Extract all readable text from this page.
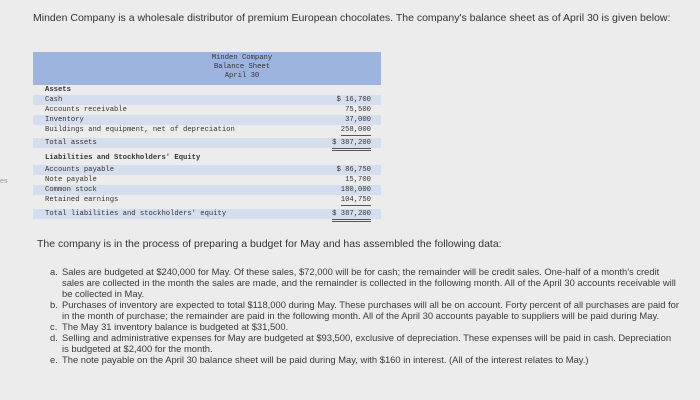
es
Minden Company is a wholesale distributor of premium European chocolates. The company's balance sheet as of April 30 is given below:
Minden Company
Balance Sheet
April 30
Assets
Cash	$ 16,700
Accounts receivable	75,500
Inventory	37,000
Buildings and equipment, net of depreciation	258,000
Total assets	$ 387,200
Liabilities and Stockholders' Equity
Accounts payable	$ 86,750
Note payable	15,700
Common stock	180,000
Retained earnings	104,750
Total liabilities and stockholders' equity	$ 387,200
The company is in the process of preparing a budget for May and has assembled the following data:
a. Sales are budgeted at $240,000 for May. Of these sales, $72,000 will be for cash; the remainder will be credit sales. One-half of a month's credit sales are collected in the month the sales are made, and the remainder is collected in the following month. All of the April 30 accounts receivable will be collected in May.
b. Purchases of inventory are expected to total $118,000 during May. These purchases will all be on account. Forty percent of all purchases are paid for in the month of purchase; the remainder are paid in the following month. All of the April 30 accounts payable to suppliers will be paid during May.
c. The May 31 inventory balance is budgeted at $31,500.
d. Selling and administrative expenses for May are budgeted at $93,500, exclusive of depreciation. These expenses will be paid in cash. Depreciation is budgeted at $2,400 for the month.
e. The note payable on the April 30 balance sheet will be paid during May, with $160 in interest. (All of the interest relates to May.)
